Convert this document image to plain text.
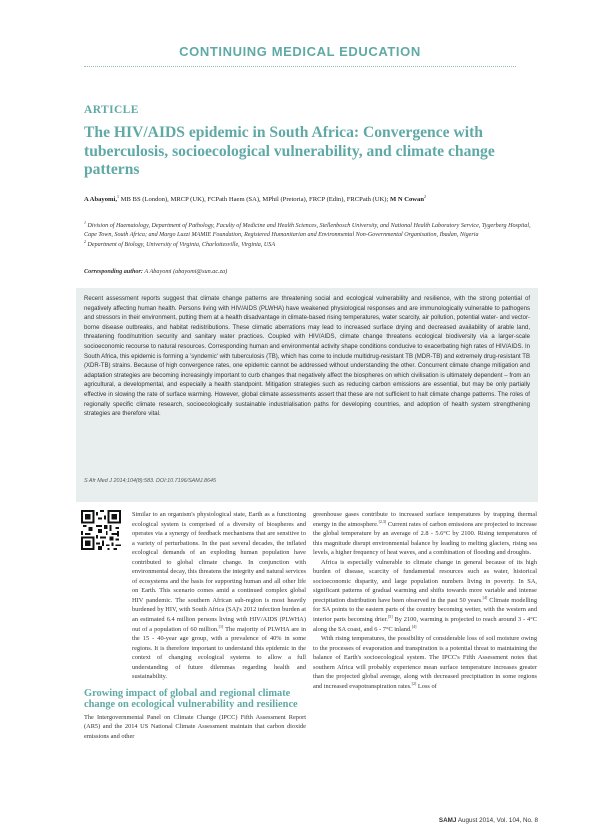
CONTINUING MEDICAL EDUCATION
ARTICLE
The HIV/AIDS epidemic in South Africa: Convergence with tuberculosis, socioecological vulnerability, and climate change patterns
A Abayomi,$^1$ MB BS (London), MRCP (UK), FCPath Haem (SA), MPhil (Pretoria), FRCP (Edin), FRCPath (UK); M N Cowan$^2$

$^1$ Division of Haematology, Department of Pathology, Faculty of Medicine and Health Sciences, Stellenbosch University, and National Health Laboratory Service, Tygerberg Hospital, Cape Town, South Africa; and Margo Luzzi MAMIE Foundation, Registered Humanitarian and Environmental Non-Governmental Organisation, Ibadan, Nigeria

$^2$ Department of Biology, University of Virginia, Charlottesville, Virginia, USA

Corresponding author: A Abayomi (abayomi@sun.ac.za)
Recent assessment reports suggest that climate change patterns are threatening social and ecological vulnerability and resilience, with the strong potential of negatively affecting human health. Persons living with HIV/AIDS (PLWHA) have weakened physiological responses and are immunologically vulnerable to pathogens and stressors in their environment, putting them at a health disadvantage in climate-based rising temperatures, water scarcity, air pollution, potential water- and vector-borne disease outbreaks, and habitat redistributions. These climatic aberrations may lead to increased surface drying and decreased availability of arable land, threatening food/nutrition security and sanitary water practices. Coupled with HIV/AIDS, climate change threatens ecological biodiversity via a larger-scale socioeconomic recourse to natural resources. Corresponding human and environmental activity shape conditions conducive to exacerbating high rates of HIV/AIDS. In South Africa, this epidemic is forming a 'syndemic' with tuberculosis (TB), which has come to include multidrug-resistant TB (MDR-TB) and extremely drug-resistant TB (XDR-TB) strains. Because of high convergence rates, one epidemic cannot be addressed without understanding the other. Concurrent climate change mitigation and adaptation strategies are becoming increasingly important to curb changes that negatively affect the biospheres on which civilisation is ultimately dependent – from an agricultural, a developmental, and especially a health standpoint. Mitigation strategies such as reducing carbon emissions are essential, but may be only partially effective in slowing the rate of surface warming. However, global climate assessments assert that these are not sufficient to halt climate change patterns. The roles of regionally specific climate research, socioecologically sustainable industrialisation paths for developing countries, and adoption of health system strengthening strategies are therefore vital.
S Afr Med J 2014;104(8):583. DOI:10.7196/SAMJ.8645

Similar to an organism's physiological state, Earth as a functioning ecological system is comprised of a diversity of biospheres and operates via a synergy of feedback mechanisms that are sensitive to a variety of perturbations. In the past several decades, the inflated ecological demands of an exploding human population have contributed to global climate change. In conjunction with environmental decay, this threatens the integrity and natural services of ecosystems and the basis for supporting human and all other life on Earth. This scenario comes amid a continued complex global HIV pandemic. The southern African sub-region is most heavily burdened by HIV, with South Africa (SA)'s 2012 infection burden at an estimated 6.4 million persons living with HIV/AIDS (PLWHA) out of a population of 60 million.[1] The majority of PLWHA are in the 15 - 40-year age group, with a prevalence of 40% in some regions. It is therefore important to understand this epidemic in the context of changing ecological systems to allow a full understanding of future dilemmas regarding health and sustainability.

Growing impact of global and regional climate change on ecological vulnerability and resilience

The Intergovernmental Panel on Climate Change (IPCC) Fifth Assessment Report (AR5) and the 2014 US National Climate Assessment maintain that carbon dioxide emissions and other

greenhouse gases contribute to increased surface temperatures by trapping thermal energy in the atmosphere.[2,3] Current rates of carbon emissions are projected to increase the global temperature by an average of 2.8 - 5.6°C by 2100. Rising temperatures of this magnitude disrupt environmental balance by leading to melting glaciers, rising sea levels, a higher frequency of heat waves, and a combination of flooding and droughts.

Africa is especially vulnerable to climate change in general because of its high burden of disease, scarcity of fundamental resources such as water, historical socioeconomic disparity, and large population numbers living in poverty. In SA, significant patterns of gradual warming and shifts towards more variable and intense precipitation distribution have been observed in the past 50 years.[4] Climate modelling for SA points to the eastern parts of the country becoming wetter, with the western and interior parts becoming drier.[5] By 2100, warming is projected to reach around 3 - 4°C along the SA coast, and 6 - 7°C inland.[4]

With rising temperatures, the possibility of considerable loss of soil moisture owing to the processes of evaporation and transpiration is a potential threat to maintaining the balance of Earth's socioecological system. The IPCC's Fifth Assessment notes that southern Africa will probably experience mean surface temperature increases greater than the projected global average, along with decreased precipitation in some regions and increased evapotranspiration rates.[2] Loss of

SAMJ August 2014, Vol. 104, No. 8
